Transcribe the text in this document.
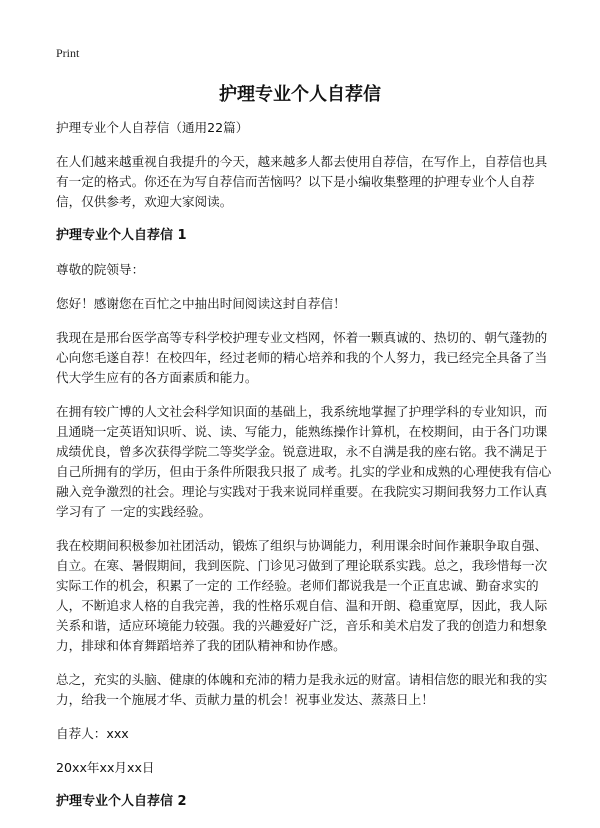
Print
护理专业个人自荐信

护理专业个人自荐信（通用22篇）

在人们越来越重视自我提升的今天，越来越多人都去使用自荐信，在写作上，自荐信也具有一定的格式。你还在为写自荐信而苦恼吗？以下是小编收集整理的护理专业个人自荐信，仅供参考，欢迎大家阅读。

护理专业个人自荐信 1

尊敬的院领导：

您好！感谢您在百忙之中抽出时间阅读这封自荐信！

我现在是邢台医学高等专科学校护理专业文档网，怀着一颗真诚的、热切的、朝气蓬勃的心向您毛遂自荐！在校四年，经过老师的精心培养和我的个人努力，我已经完全具备了当代大学生应有的各方面素质和能力。

在拥有较广博的人文社会科学知识面的基础上，我系统地掌握了护理学科的专业知识，而且通晓一定英语知识听、说、读、写能力，能熟练操作计算机，在校期间，由于各门功课成绩优良，曾多次获得学院二等奖学金。锐意进取，永不自满是我的座右铭。我不满足于自己所拥有的学历，但由于条件所限我只报了 成考。扎实的学业和成熟的心理使我有信心融入竞争激烈的社会。理论与实践对于我来说同样重要。在我院实习期间我努力工作认真学习有了 一定的实践经验。

我在校期间积极参加社团活动，锻炼了组织与协调能力，利用课余时间作兼职争取自强、自立。在寒、暑假期间，我到医院、门诊见习做到了理论联系实践。总之，我珍惜每一次实际工作的机会，积累了一定的 工作经验。老师们都说我是一个正直忠诚、勤奋求实的人，不断追求人格的自我完善，我的性格乐观自信、温和开朗、稳重宽厚，因此，我人际关系和谐，适应环境能力较强。我的兴趣爱好广泛，音乐和美术启发了我的创造力和想象力，排球和体育舞蹈培养了我的团队精神和协作感。

总之，充实的头脑、健康的体魄和充沛的精力是我永远的财富。请相信您的眼光和我的实力，给我一个施展才华、贡献力量的机会！祝事业发达、蒸蒸日上！

自荐人：xxx

20xx年xx月xx日

护理专业个人自荐信 2
